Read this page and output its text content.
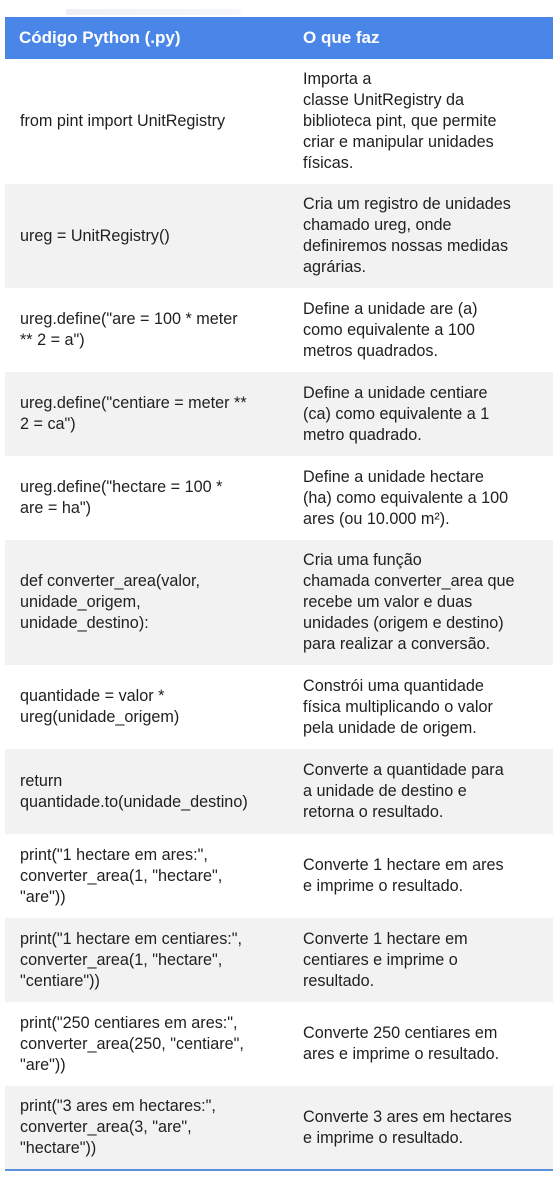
Código Python (.py)	O que faz
from pint import UnitRegistry
Importa a
classe UnitRegistry da
biblioteca pint, que permite
criar e manipular unidades
físicas.
ureg = UnitRegistry()
Cria um registro de unidades
chamado ureg, onde
definiremos nossas medidas
agrárias.
ureg.define("are = 100 * meter
** 2 = a")
Define a unidade are (a)
como equivalente a 100
metros quadrados.
ureg.define("centiare = meter **
2 = ca")
Define a unidade centiare
(ca) como equivalente a 1
metro quadrado.
ureg.define("hectare = 100 *
are = ha")
Define a unidade hectare
(ha) como equivalente a 100
ares (ou 10.000 m²).
def converter_area(valor,
unidade_origem,
unidade_destino):
Cria uma função
chamada converter_area que
recebe um valor e duas
unidades (origem e destino)
para realizar a conversão.
quantidade = valor *
ureg(unidade_origem)
Constrói uma quantidade
física multiplicando o valor
pela unidade de origem.
return
quantidade.to(unidade_destino)
Converte a quantidade para
a unidade de destino e
retorna o resultado.
print("1 hectare em ares:",
converter_area(1, "hectare",
"are"))
Converte 1 hectare em ares
e imprime o resultado.
print("1 hectare em centiares:",
converter_area(1, "hectare",
"centiare"))
Converte 1 hectare em
centiares e imprime o
resultado.
print("250 centiares em ares:",
converter_area(250, "centiare",
"are"))
Converte 250 centiares em
ares e imprime o resultado.
print("3 ares em hectares:",
converter_area(3, "are",
"hectare"))
Converte 3 ares em hectares
e imprime o resultado.
